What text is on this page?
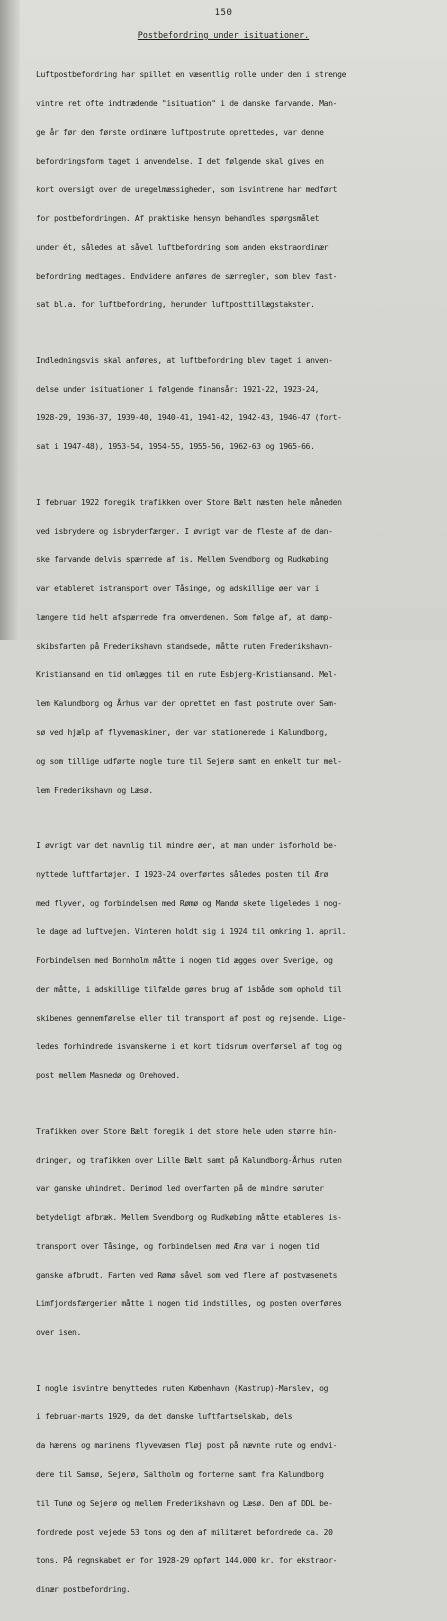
150
Postbefordring under isituationer.

Luftpostbefordring har spillet en væsentlig rolle under den i strenge

vintre ret ofte indtrædende "isituation" i de danske farvande. Man-

ge år før den første ordinære luftpostrute oprettedes, var denne

befordringsform taget i anvendelse. I det følgende skal gives en

kort oversigt over de uregelmæssigheder, som isvintrene har medført

for postbefordringen. Af praktiske hensyn behandles spørgsmålet

under ét, således at såvel luftbefordring som anden ekstraordinær

befordring medtages. Endvidere anføres de særregler, som blev fast-

sat bl.a. for luftbefordring, herunder luftposttillægstakster.

Indledningsvis skal anføres, at luftbefordring blev taget i anven-

delse under isituationer i følgende finansår: 1921-22, 1923-24,

1928-29, 1936-37, 1939-40, 1940-41, 1941-42, 1942-43, 1946-47 (fort-

sat i 1947-48), 1953-54, 1954-55, 1955-56, 1962-63 og 1965-66.

I februar 1922 foregik trafikken over Store Bælt næsten hele måneden

ved isbrydere og isbryderfærger. I øvrigt var de fleste af de dan-

ske farvande delvis spærrede af is. Mellem Svendborg og Rudkøbing

var etableret istransport over Tåsinge, og adskillige øer var i

længere tid helt afspærrede fra omverdenen. Som følge af, at damp-

skibsfarten på Frederikshavn standsede, måtte ruten Frederikshavn-

Kristiansand en tid omlægges til en rute Esbjerg-Kristiansand. Mel-

lem Kalundborg og Århus var der oprettet en fast postrute over Sam-

sø ved hjælp af flyvemaskiner, der var stationerede i Kalundborg,

og som tillige udførte nogle ture til Sejerø samt en enkelt tur mel-

lem Frederikshavn og Læsø.

I øvrigt var det navnlig til mindre øer, at man under isforhold be-

nyttede luftfartøjer. I 1923-24 overførtes således posten til Ærø

med flyver, og forbindelsen med Rømø og Mandø skete ligeledes i nog-

le dage ad luftvejen. Vinteren holdt sig i 1924 til omkring 1. april.

Forbindelsen med Bornholm måtte i nogen tid ægges over Sverige, og

der måtte, i adskillige tilfælde gøres brug af isbåde som ophold til

skibenes gennemførelse eller til transport af post og rejsende. Lige-

ledes forhindrede isvanskerne i et kort tidsrum overførsel af tog og

post mellem Masnedø og Orehoved.

Trafikken over Store Bælt foregik i det store hele uden større hin-

dringer, og trafikken over Lille Bælt samt på Kalundborg-Århus ruten

var ganske uhindret. Derimod led overfarten på de mindre søruter

betydeligt afbræk. Mellem Svendborg og Rudkøbing måtte etableres is-

transport over Tåsinge, og forbindelsen med Ærø var i nogen tid

ganske afbrudt. Farten ved Rømø såvel som ved flere af postvæsenets

Limfjordsfærgerier måtte i nogen tid indstilles, og posten overføres

over isen.

I nogle isvintre benyttedes ruten København (Kastrup)-Marslev, og

i februar-marts 1929, da det danske luftfartselskab, dels

da hærens og marinens flyvevæsen fløj post på nævnte rute og endvi-

dere til Samsø, Sejerø, Saltholm og forterne samt fra Kalundborg

til Tunø og Sejerø og mellem Frederikshavn og Læsø. Den af DDL be-

fordrede post vejede 53 tons og den af militæret befordrede ca. 20

tons. På regnskabet er for 1928-29 opført 144.000 kr. for ekstraor-

dinær postbefordring.
